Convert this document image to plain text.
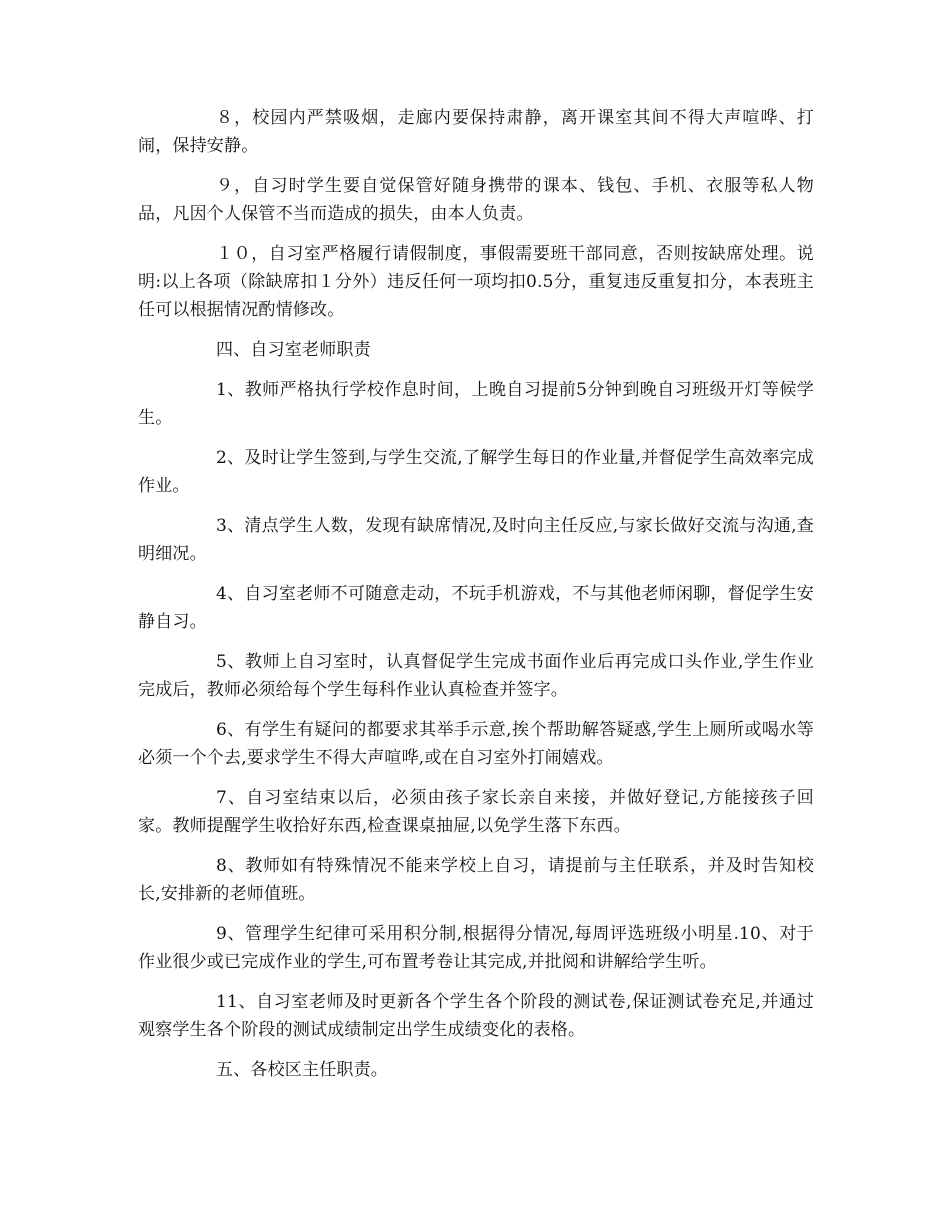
８，校园内严禁吸烟，走廊内要保持肃静，离开课室其间不得大声喧哗、打闹，保持安静。

９，自习时学生要自觉保管好随身携带的课本、钱包、手机、衣服等私人物品，凡因个人保管不当而造成的损失，由本人负责。

１０，自习室严格履行请假制度，事假需要班干部同意，否则按缺席处理。说明:以上各项（除缺席扣１分外）违反任何一项均扣0.5分，重复违反重复扣分，本表班主任可以根据情况酌情修改。

四、自习室老师职责

1、教师严格执行学校作息时间，上晚自习提前5分钟到晚自习班级开灯等候学生。

2、及时让学生签到,与学生交流,了解学生每日的作业量,并督促学生高效率完成作业。

3、清点学生人数，发现有缺席情况,及时向主任反应,与家长做好交流与沟通,查明细况。

4、自习室老师不可随意走动，不玩手机游戏，不与其他老师闲聊，督促学生安静自习。

5、教师上自习室时，认真督促学生完成书面作业后再完成口头作业,学生作业完成后，教师必须给每个学生每科作业认真检查并签字。

6、有学生有疑问的都要求其举手示意,挨个帮助解答疑惑,学生上厕所或喝水等必须一个个去,要求学生不得大声喧哗,或在自习室外打闹嬉戏。

7、自习室结束以后，必须由孩子家长亲自来接，并做好登记,方能接孩子回家。教师提醒学生收拾好东西,检查课桌抽屉,以免学生落下东西。

8、教师如有特殊情况不能来学校上自习，请提前与主任联系，并及时告知校长,安排新的老师值班。

9、管理学生纪律可采用积分制,根据得分情况,每周评选班级小明星.10、对于作业很少或已完成作业的学生,可布置考卷让其完成,并批阅和讲解给学生听。

11、自习室老师及时更新各个学生各个阶段的测试卷,保证测试卷充足,并通过观察学生各个阶段的测试成绩制定出学生成绩变化的表格。

五、各校区主任职责。
